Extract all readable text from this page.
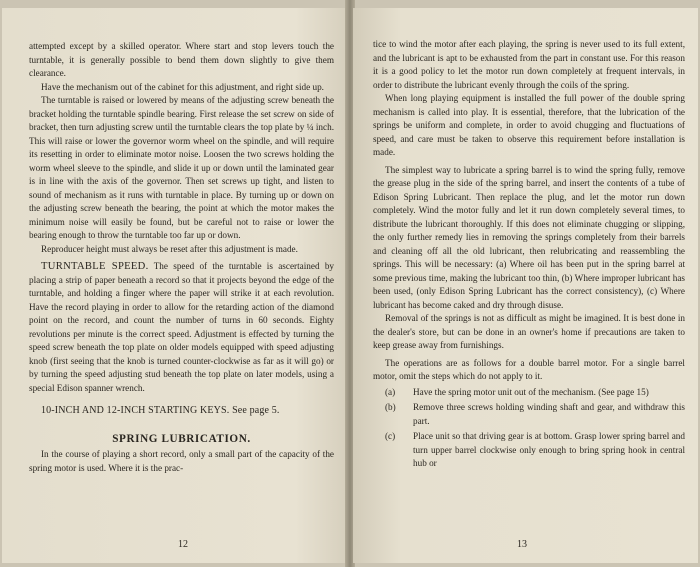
attempted except by a skilled operator. Where start and stop levers touch the turntable, it is generally possible to bend them down slightly to give them clearance.

Have the mechanism out of the cabinet for this adjustment, and right side up.

The turntable is raised or lowered by means of the adjusting screw beneath the bracket holding the turntable spindle bearing. First release the set screw on side of bracket, then turn adjusting screw until the turntable clears the top plate by ¼ inch. This will raise or lower the governor worm wheel on the spindle, and will require its resetting in order to eliminate motor noise. Loosen the two screws holding the worm wheel sleeve to the spindle, and slide it up or down until the laminated gear is in line with the axis of the governor. Then set screws up tight, and listen to sound of mechanism as it runs with turntable in place. By turning up or down on the adjusting screw beneath the bearing, the point at which the motor makes the minimum noise will easily be found, but be careful not to raise or lower the bearing enough to throw the turntable too far up or down.

Reproducer height must always be reset after this adjustment is made.

TURNTABLE SPEED. The speed of the turntable is ascertained by placing a strip of paper beneath a record so that it projects beyond the edge of the turntable, and holding a finger where the paper will strike it at each revolution. Have the record playing in order to allow for the retarding action of the diamond point on the record, and count the number of turns in 60 seconds. Eighty revolutions per minute is the correct speed. Adjustment is effected by turning the speed screw beneath the top plate on older models equipped with speed adjusting knob (first seeing that the knob is turned counter-clockwise as far as it will go) or by turning the speed adjusting stud beneath the top plate on later models, using a special Edison spanner wrench.

10-INCH AND 12-INCH STARTING KEYS. See page 5.

SPRING LUBRICATION.

In the course of playing a short record, only a small part of the capacity of the spring motor is used. Where it is the prac-

12

tice to wind the motor after each playing, the spring is never used to its full extent, and the lubricant is apt to be exhausted from the part in constant use. For this reason it is a good policy to let the motor run down completely at frequent intervals, in order to distribute the lubricant evenly through the coils of the spring.

When long playing equipment is installed the full power of the double spring mechanism is called into play. It is essential, therefore, that the lubrication of the springs be uniform and complete, in order to avoid chugging and fluctuations of speed, and care must be taken to observe this requirement before installation is made.

The simplest way to lubricate a spring barrel is to wind the spring fully, remove the grease plug in the side of the spring barrel, and insert the contents of a tube of Edison Spring Lubricant. Then replace the plug, and let the motor run down completely. Wind the motor fully and let it run down completely several times, to distribute the lubricant thoroughly. If this does not eliminate chugging or slipping, the only further remedy lies in removing the springs completely from their barrels and cleaning off all the old lubricant, then relubricating and reassembling the springs. This will be necessary: (a) Where oil has been put in the spring barrel at some previous time, making the lubricant too thin, (b) Where improper lubricant has been used, (only Edison Spring Lubricant has the correct consistency), (c) Where lubricant has become caked and dry through disuse.

Removal of the springs is not as difficult as might be imagined. It is best done in the dealer's store, but can be done in an owner's home if precautions are taken to keep grease away from furnishings.

The operations are as follows for a double barrel motor. For a single barrel motor, omit the steps which do not apply to it.

(a)	Have the spring motor unit out of the mechanism. (See page 15)
(b)	Remove three screws holding winding shaft and gear, and withdraw this part.
(c)	Place unit so that driving gear is at bottom. Grasp lower spring barrel and turn upper barrel clockwise only enough to bring spring hook in central hub or
13
